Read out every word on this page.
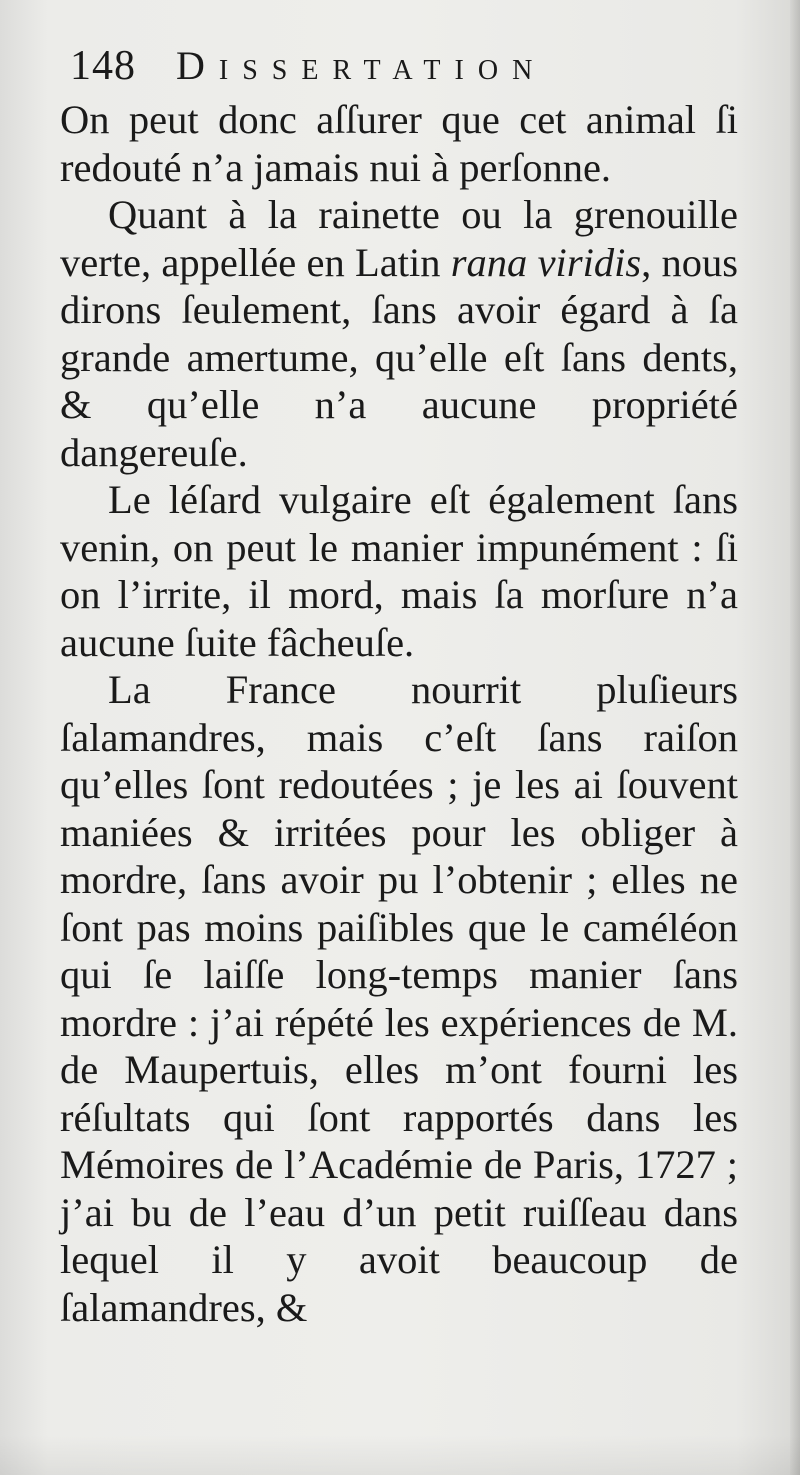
148 Dissertation

On peut donc aſſurer que cet animal ſi redouté n’a jamais nui à perſonne.

Quant à la rainette ou la grenouille verte, appellée en Latin rana viridis, nous dirons ſeulement, ſans avoir égard à ſa grande amertume, qu’elle eſt ſans dents, & qu’elle n’a aucune propriété dangereuſe.

Le léſard vulgaire eſt également ſans venin, on peut le manier impunément : ſi on l’irrite, il mord, mais ſa morſure n’a aucune ſuite fâcheuſe.

La France nourrit pluſieurs ſalamandres, mais c’eſt ſans raiſon qu’elles ſont redoutées ; je les ai ſouvent maniées & irritées pour les obliger à mordre, ſans avoir pu l’obtenir ; elles ne ſont pas moins paiſibles que le caméléon qui ſe laiſſe long-temps manier ſans mordre : j’ai répété les expériences de M. de Maupertuis, elles m’ont fourni les réſultats qui ſont rapportés dans les Mémoires de l’Académie de Paris, 1727 ; j’ai bu de l’eau d’un petit ruiſſeau dans lequel il y avoit beaucoup de ſalamandres, &
